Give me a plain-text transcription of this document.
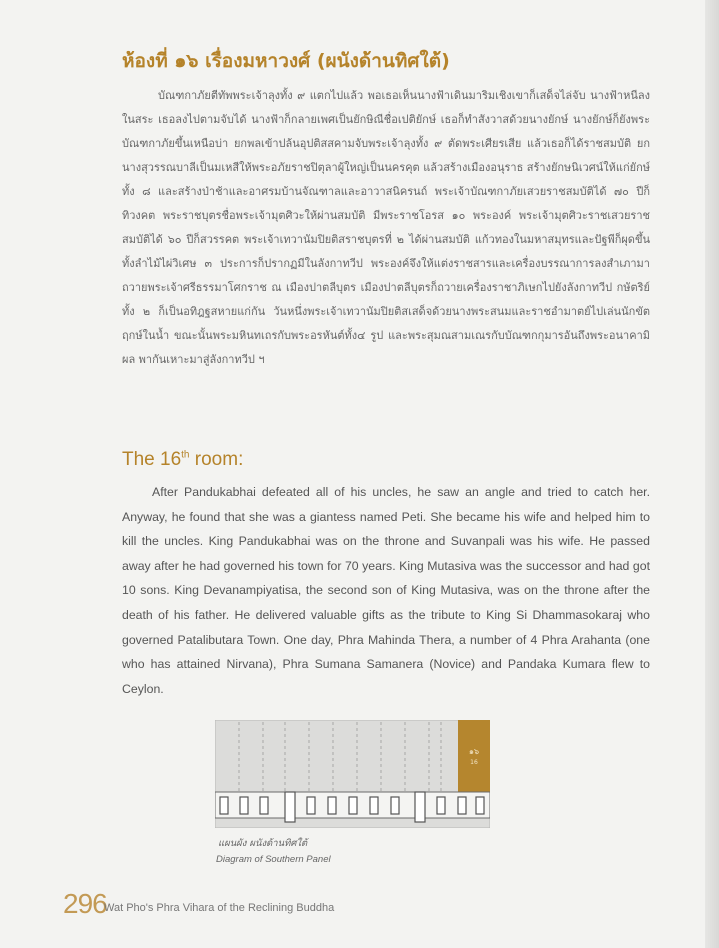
ห้องที่ ๑๖ เรื่องมหาวงศ์ (ผนังด้านทิศใต้)

บัณฑกาภัยตีทัพพระเจ้าลุงทั้ง ๙ แตกไปแล้ว พอเธอเห็นนางฟ้าเดินมาริมเชิงเขาก็เสด็จไล่จับ นางฟ้าหนีลงในสระ เธอลงไปตามจับได้ นางฟ้าก็กลายเพศเป็นยักษิณีชื่อเปติยักษ์ เธอก็ทำสังวาสด้วยนางยักษ์ นางยักษ์ก็ยังพระบัณฑกาภัยขึ้นเหนือบ่า ยกพลเข้าปล้นอุปติสสคามจับพระเจ้าลุงทั้ง ๙ ตัดพระเศียรเสีย แล้วเธอก็ได้ราชสมบัติ ยกนางสุวรรณบาลีเป็นมเหสีให้พระอภัยราชปิตุลาผู้ใหญ่เป็นนครคุต แล้วสร้างเมืองอนุราธ สร้างยักษนิเวศน์ให้แก่ยักษ์ทั้ง ๘ และสร้างป่าช้าและอาศรมบ้านจัณฑาลและอาวาสนิครนถ์ พระเจ้าบัณฑกาภัยเสวยราชสมบัติได้ ๗๐ ปีก็ทิวงคต พระราชบุตรชื่อพระเจ้ามุตศิวะให้ผ่านสมบัติ มีพระราชโอรส ๑๐ พระองค์ พระเจ้ามุตศิวะราชเสวยราชสมบัติได้ ๖๐ ปีก็สวรรคต พระเจ้าเทวานัมปิยติสราชบุตรที่ ๒ ได้ผ่านสมบัติ แก้วทองในมหาสมุทรและปัฐพีก็ผุดขึ้น ทั้งลำไม้ไผ่วิเศษ ๓ ประการก็ปรากฏมีในลังกาทวีป พระองค์จึงให้แต่งราชสารและเครื่องบรรณาการลงสำเภามาถวายพระเจ้าศรีธรรมาโศกราช ณ เมืองปาตลีบุตร เมืองปาตลีบุตรก็ถวายเครื่องราชาภิเษกไปยังลังกาทวีป กษัตริย์ทั้ง ๒ ก็เป็นอทิฎฐสหายแก่กัน วันหนึ่งพระเจ้าเทวานัมปิยติสเสด็จด้วยนางพระสนมและราชอำมาตย์ไปเล่นนักขัตฤกษ์ในน้ำ ขณะนั้นพระมหินทเถรกับพระอรหันต์ทั้ง๔ รูป และพระสุมณสามเณรกับบัณฑกกุมารอันถึงพระอนาคามิผล พากันเหาะมาสู่ลังกาทวีป ฯ

The 16th room:

After Pandukabhai defeated all of his uncles, he saw an angle and tried to catch her. Anyway, he found that she was a giantess named Peti. She became his wife and helped him to kill the uncles. King Pandukabhai was on the throne and Suvanpali was his wife. He passed away after he had governed his town for 70 years. King Mutasiva was the successor and had got 10 sons. King Devanampiyatisa, the second son of King Mutasiva, was on the throne after the death of his father. He delivered valuable gifts as the tribute to King Si Dhammasokaraj who governed Patalibutara Town. One day, Phra Mahinda Thera, a number of 4 Phra Arahanta (one who has attained Nirvana), Phra Sumana Samanera (Novice) and Pandaka Kumara flew to Ceylon.

๑๖
16
แผนผัง ผนังด้านทิศใต้
Diagram of Southern Panel
296
Wat Pho's Phra Vihara of the Reclining Buddha
